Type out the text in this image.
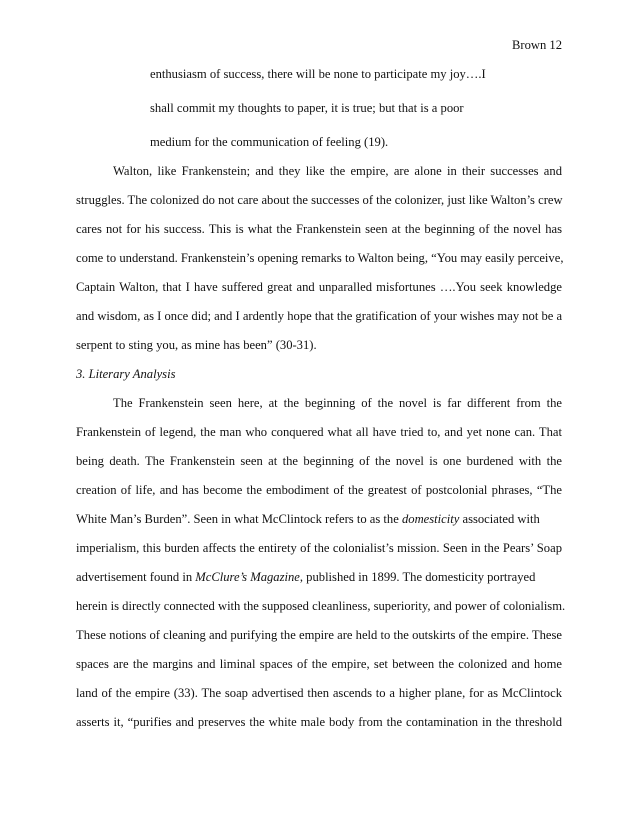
Brown 12
enthusiasm of success, there will be none to participate my joy….I
shall commit my thoughts to paper, it is true; but that is a poor
medium for the communication of feeling (19).
Walton, like Frankenstein; and they like the empire, are alone in their successes and
struggles. The colonized do not care about the successes of the colonizer, just like Walton’s crew
cares not for his success. This is what the Frankenstein seen at the beginning of the novel has
come to understand. Frankenstein’s opening remarks to Walton being, “You may easily perceive,
Captain Walton, that I have suffered great and unparalled misfortunes ….You seek knowledge
and wisdom, as I once did; and I ardently hope that the gratification of your wishes may not be a
serpent to sting you, as mine has been” (30-31).
3. Literary Analysis
The Frankenstein seen here, at the beginning of the novel is far different from the
Frankenstein of legend, the man who conquered what all have tried to, and yet none can. That
being death. The Frankenstein seen at the beginning of the novel is one burdened with the
creation of life, and has become the embodiment of the greatest of postcolonial phrases, “The
White Man’s Burden”. Seen in what McClintock refers to as the domesticity associated with
imperialism, this burden affects the entirety of the colonialist’s mission. Seen in the Pears’ Soap
advertisement found in McClure’s Magazine, published in 1899. The domesticity portrayed
herein is directly connected with the supposed cleanliness, superiority, and power of colonialism.
These notions of cleaning and purifying the empire are held to the outskirts of the empire. These
spaces are the margins and liminal spaces of the empire, set between the colonized and home
land of the empire (33). The soap advertised then ascends to a higher plane, for as McClintock
asserts it, “purifies and preserves the white male body from the contamination in the threshold
